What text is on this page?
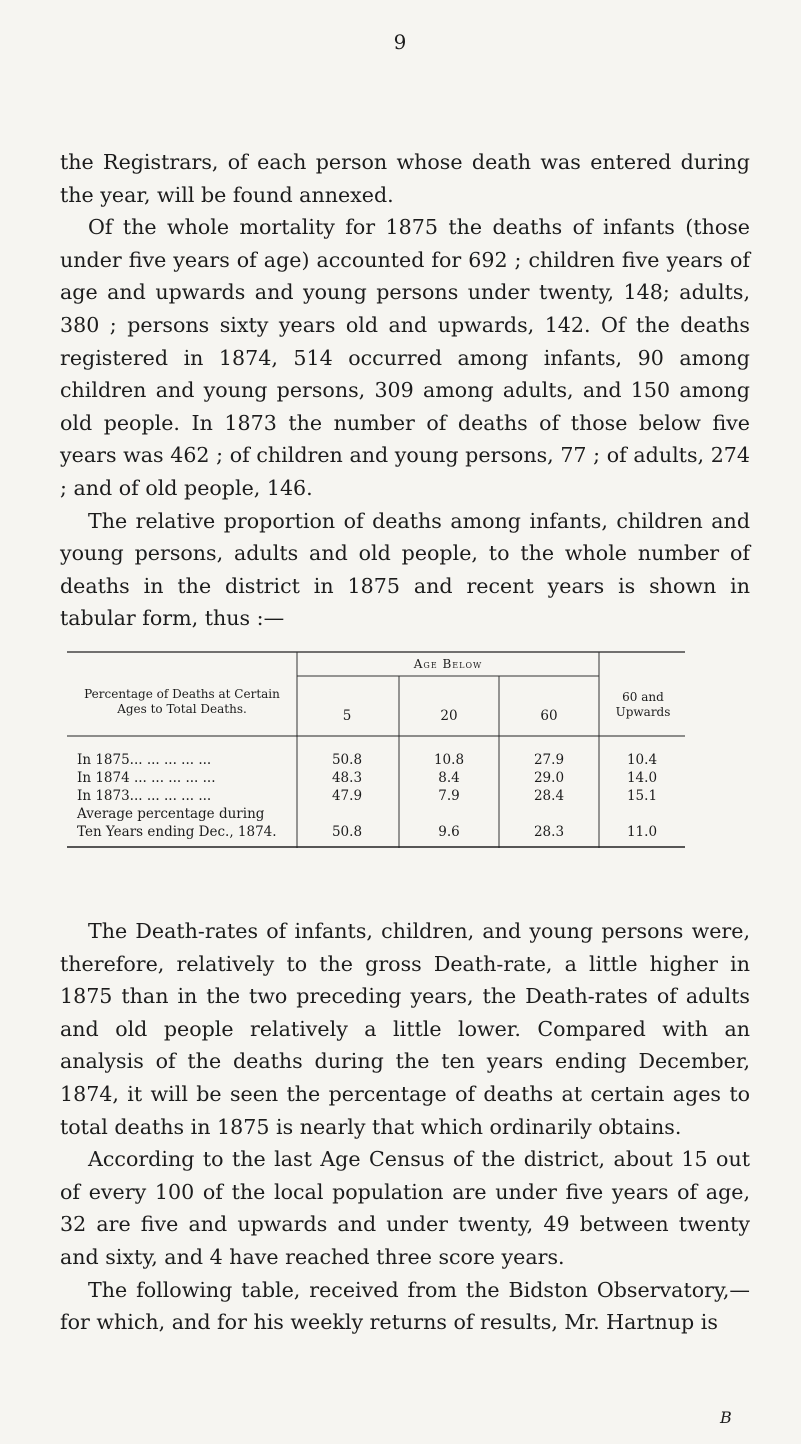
9

the Registrars, of each person whose death was entered during the year, will be found annexed.

Of the whole mortality for 1875 the deaths of infants (those under five years of age) accounted for 692 ; children five years of age and upwards and young persons under twenty, 148; adults, 380 ; persons sixty years old and upwards, 142. Of the deaths registered in 1874, 514 occurred among infants, 90 among children and young persons, 309 among adults, and 150 among old people. In 1873 the number of deaths of those below five years was 462 ; of children and young persons, 77 ; of adults, 274 ; and of old people, 146.

The relative proportion of deaths among infants, children and young persons, adults and old people, to the whole number of deaths in the district in 1875 and recent years is shown in tabular form, thus :—

Percentage of Deaths at Certain Ages to Total Deaths.
Age Below
5	20	60
60 and Upwards
In 1875... ... ... ... ...	50.8	10.8	27.9	10.4
In 1874 ... ... ... ... ...	48.3	8.4	29.0	14.0
In 1873... ... ... ... ...	47.9	7.9	28.4	15.1
Average percentage during
Ten Years ending Dec., 1874.	50.8	9.6	28.3	11.0

The Death-rates of infants, children, and young persons were, therefore, relatively to the gross Death-rate, a little higher in 1875 than in the two preceding years, the Death-rates of adults and old people relatively a little lower. Compared with an analysis of the deaths during the ten years ending December, 1874, it will be seen the percentage of deaths at certain ages to total deaths in 1875 is nearly that which ordinarily obtains.

According to the last Age Census of the district, about 15 out of every 100 of the local population are under five years of age, 32 are five and upwards and under twenty, 49 between twenty and sixty, and 4 have reached three score years.

The following table, received from the Bidston Observatory,— for which, and for his weekly returns of results, Mr. Hartnup is

B
